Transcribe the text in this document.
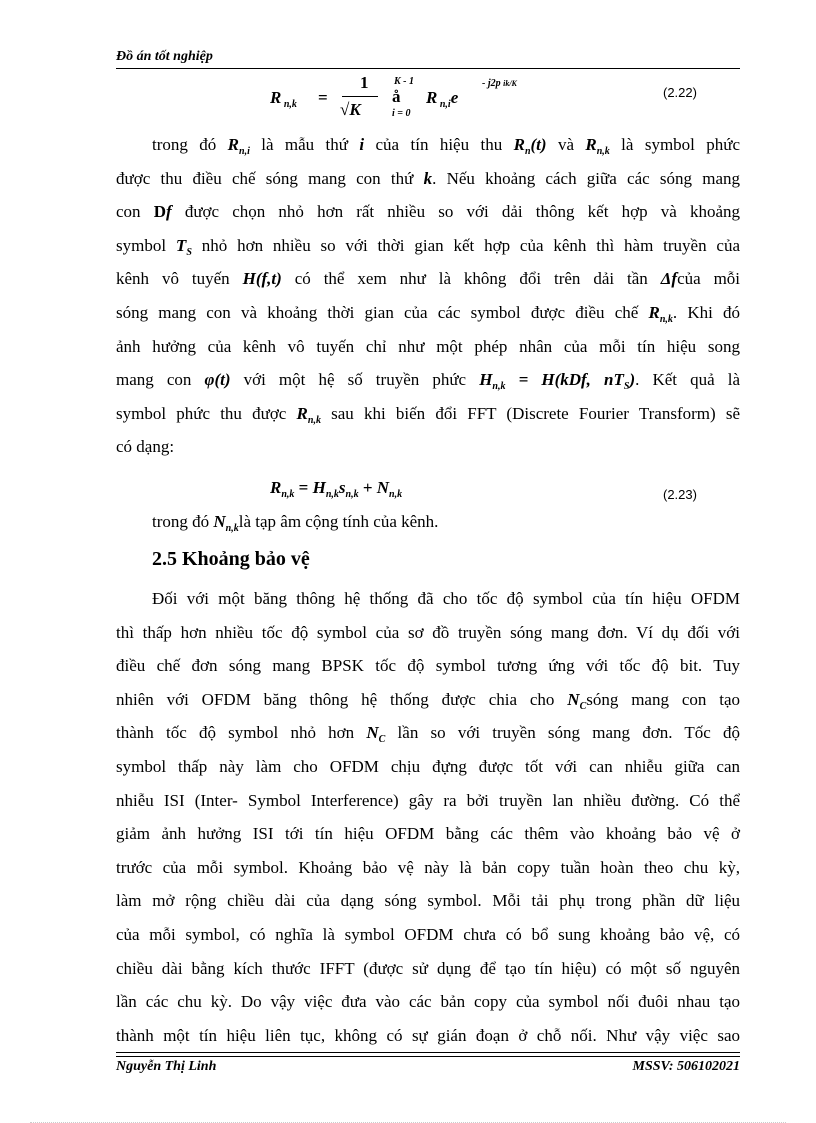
Đồ án tốt nghiệp
R $_{n,k}$ =
1
√K
K - 1
å
i = 0
R $_{n,i}$e
- j2p ik/K
(2.22)
trong đó $R_{n,i}$ là mẫu thứ i của tín hiệu thu $R_n(t)$ và $R_{n,k}$ là symbol phức
được thu điều chế sóng mang con thứ k. Nếu khoảng cách giữa các sóng mang
con Df được chọn nhỏ hơn rất nhiều so với dải thông kết hợp và khoảng
symbol $T_S$ nhỏ hơn nhiều so với thời gian kết hợp của kênh thì hàm truyền của
kênh vô tuyến H(f,t) có thể xem như là không đổi trên dải tần Δfcủa mỗi
sóng mang con và khoảng thời gian của các symbol được điều chế $R_{n,k}$. Khi đó
ảnh hưởng của kênh vô tuyến chỉ như một phép nhân của mỗi tín hiệu song
mang con φ(t) với một hệ số truyền phức $H_{n,k} = H(kDf$, $nT_S$). Kết quả là
symbol phức thu được $R_{n,k}$ sau khi biến đổi FFT (Discrete Fourier Transform) sẽ
có dạng:
$R_{n,k} = H_{n,k}s_{n,k} + N_{n,k}$	(2.23)
trong đó $N_{n,k}là$ tạp âm cộng tính của kênh.
2.5 Khoảng bảo vệ
Đối với một băng thông hệ thống đã cho tốc độ symbol của tín hiệu OFDM
thì thấp hơn nhiều tốc độ symbol của sơ đồ truyền sóng mang đơn. Ví dụ đối với
điều chế đơn sóng mang BPSK tốc độ symbol tương ứng với tốc độ bit. Tuy
nhiên với OFDM băng thông hệ thống được chia cho $N_Csóng$ mang con tạo
thành tốc độ symbol nhỏ hơn $N_C$ lần so với truyền sóng mang đơn. Tốc độ
symbol thấp này làm cho OFDM chịu đựng được tốt với can nhiễu giữa can
nhiễu ISI (Inter- Symbol Interference) gây ra bởi truyền lan nhiều đường. Có thể
giảm ảnh hưởng ISI tới tín hiệu OFDM bằng các thêm vào khoảng bảo vệ ở
trước của mỗi symbol. Khoảng bảo vệ này là bản copy tuần hoàn theo chu kỳ,
làm mở rộng chiều dài của dạng sóng symbol. Mỗi tải phụ trong phần dữ liệu
của mỗi symbol, có nghĩa là symbol OFDM chưa có bổ sung khoảng bảo vệ, có
chiều dài bằng kích thước IFFT (được sử dụng để tạo tín hiệu) có một số nguyên
lần các chu kỳ. Do vậy việc đưa vào các bản copy của symbol nối đuôi nhau tạo
thành một tín hiệu liên tục, không có sự gián đoạn ở chỗ nối. Như vậy việc sao
Nguyễn Thị Linh	MSSV: 506102021
